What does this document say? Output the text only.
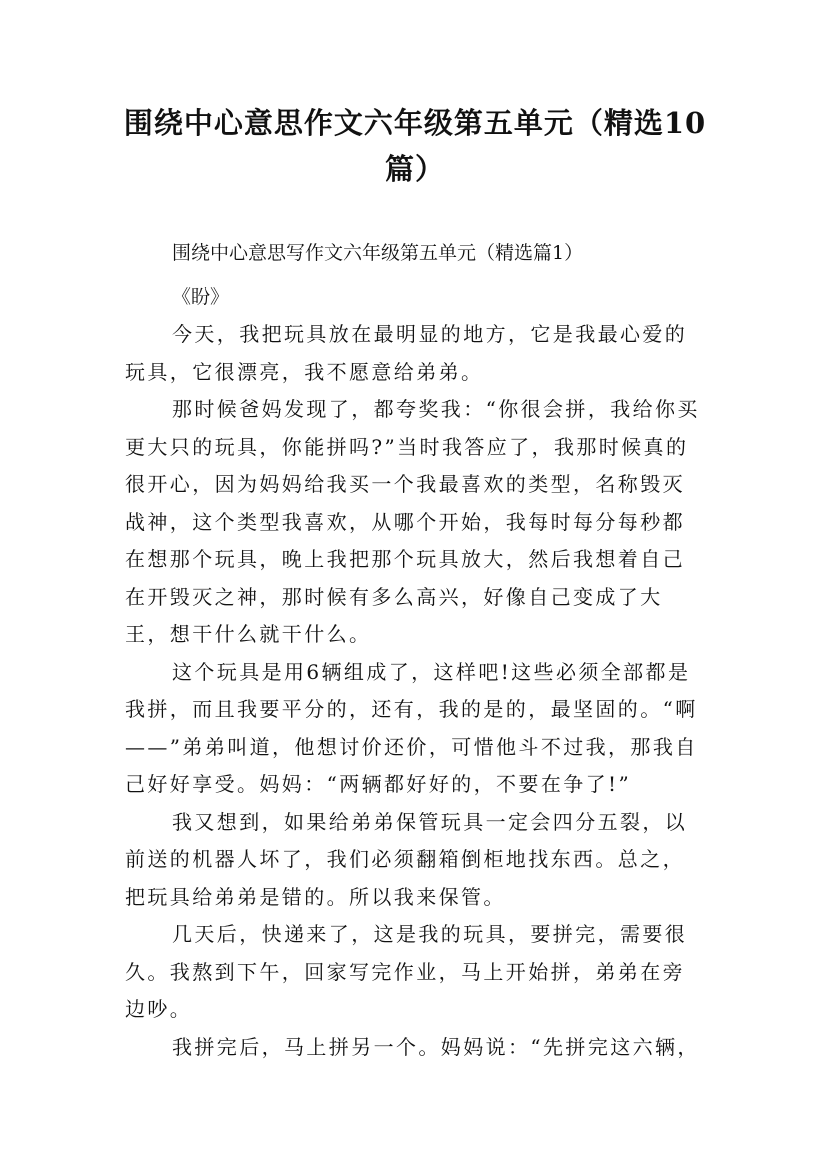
围绕中心意思作文六年级第五单元（精选10篇）
围绕中心意思写作文六年级第五单元（精选篇1）
《盼》

今天，我把玩具放在最明显的地方，它是我最心爱的玩具，它很漂亮，我不愿意给弟弟。

那时候爸妈发现了，都夸奖我：“你很会拼，我给你买更大只的玩具，你能拼吗?”当时我答应了，我那时候真的很开心，因为妈妈给我买一个我最喜欢的类型，名称毁灭战神，这个类型我喜欢，从哪个开始，我每时每分每秒都在想那个玩具，晚上我把那个玩具放大，然后我想着自己在开毁灭之神，那时候有多么高兴，好像自己变成了大王，想干什么就干什么。

这个玩具是用6辆组成了，这样吧!这些必须全部都是我拼，而且我要平分的，还有，我的是的，最坚固的。“啊——”弟弟叫道，他想讨价还价，可惜他斗不过我，那我自己好好享受。妈妈：“两辆都好好的，不要在争了!”

我又想到，如果给弟弟保管玩具一定会四分五裂，以前送的机器人坏了，我们必须翻箱倒柜地找东西。总之，把玩具给弟弟是错的。所以我来保管。

几天后，快递来了，这是我的玩具，要拼完，需要很久。我熬到下午，回家写完作业，马上开始拼，弟弟在旁边吵。

我拼完后，马上拼另一个。妈妈说：“先拼完这六辆，
